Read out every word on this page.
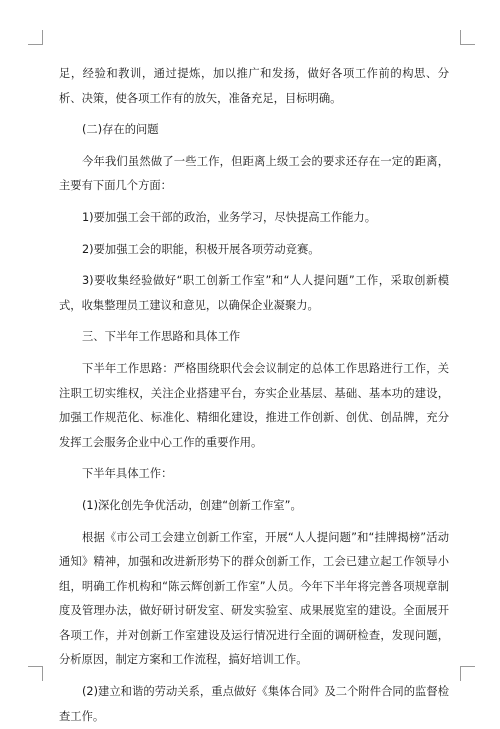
足，经验和教训，通过提炼，加以推广和发扬，做好各项工作前的构思、分析、决策，使各项工作有的放矢，准备充足，目标明确。

(二)存在的问题

今年我们虽然做了一些工作，但距离上级工会的要求还存在一定的距离，主要有下面几个方面：

1)要加强工会干部的政治，业务学习，尽快提高工作能力。

2)要加强工会的职能，积极开展各项劳动竞赛。

3)要收集经验做好“职工创新工作室”和“人人提问题”工作，采取创新模式，收集整理员工建议和意见，以确保企业凝聚力。

三、下半年工作思路和具体工作

下半年工作思路：严格围绕职代会会议制定的总体工作思路进行工作，关注职工切实维权，关注企业搭建平台，夯实企业基层、基础、基本功的建设，加强工作规范化、标准化、精细化建设，推进工作创新、创优、创品牌，充分发挥工会服务企业中心工作的重要作用。

下半年具体工作：

(1)深化创先争优活动，创建“创新工作室”。

根据《市公司工会建立创新工作室，开展“人人提问题”和“挂牌揭榜”活动通知》精神，加强和改进新形势下的群众创新工作，工会已建立起工作领导小组，明确工作机构和“陈云辉创新工作室”人员。今年下半年将完善各项规章制度及管理办法，做好研讨研发室、研发实验室、成果展览室的建设。全面展开各项工作，并对创新工作室建设及运行情况进行全面的调研检查，发现问题，分析原因，制定方案和工作流程，搞好培训工作。

(2)建立和谐的劳动关系，重点做好《集体合同》及二个附件合同的监督检查工作。
